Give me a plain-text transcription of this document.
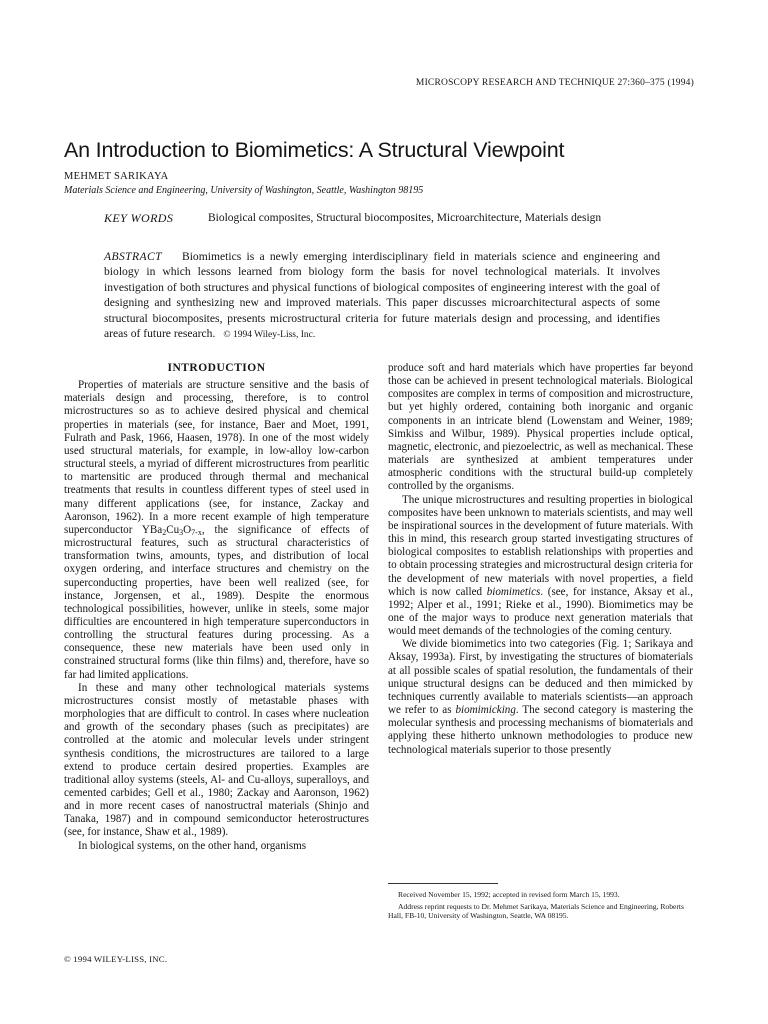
MICROSCOPY RESEARCH AND TECHNIQUE 27:360–375 (1994)
An Introduction to Biomimetics: A Structural Viewpoint
MEHMET SARIKAYA
Materials Science and Engineering, University of Washington, Seattle, Washington 98195
KEY WORDS	Biological composites, Structural biocomposites, Microarchitecture, Materials design

ABSTRACT Biomimetics is a newly emerging interdisciplinary field in materials science and engineering and biology in which lessons learned from biology form the basis for novel technological materials. It involves investigation of both structures and physical functions of biological composites of engineering interest with the goal of designing and synthesizing new and improved materials. This paper discusses microarchitectural aspects of some structural biocomposites, presents microstructural criteria for future materials design and processing, and identifies areas of future research. © 1994 Wiley-Liss, Inc.

INTRODUCTION

Properties of materials are structure sensitive and the basis of materials design and processing, therefore, is to control microstructures so as to achieve desired physical and chemical properties in materials (see, for instance, Baer and Moet, 1991, Fulrath and Pask, 1966, Haasen, 1978). In one of the most widely used structural materials, for example, in low-alloy low-carbon structural steels, a myriad of different microstructures from pearlitic to martensitic are produced through thermal and mechanical treatments that results in countless different types of steel used in many different applications (see, for instance, Zackay and Aaronson, 1962). In a more recent example of high temperature superconductor $YBa_2Cu_3O_{7-x}$, the significance of effects of microstructural features, such as structural characteristics of transformation twins, amounts, types, and distribution of local oxygen ordering, and interface structures and chemistry on the superconducting properties, have been well realized (see, for instance, Jorgensen, et al., 1989). Despite the enormous technological possibilities, however, unlike in steels, some major difficulties are encountered in high temperature superconductors in controlling the structural features during processing. As a consequence, these new materials have been used only in constrained structural forms (like thin films) and, therefore, have so far had limited applications.

In these and many other technological materials systems microstructures consist mostly of metastable phases with morphologies that are difficult to control. In cases where nucleation and growth of the secondary phases (such as precipitates) are controlled at the atomic and molecular levels under stringent synthesis conditions, the microstructures are tailored to a large extend to produce certain desired properties. Examples are traditional alloy systems (steels, Al- and Cu-alloys, superalloys, and cemented carbides; Gell et al., 1980; Zackay and Aaronson, 1962) and in more recent cases of nanostructral materials (Shinjo and Tanaka, 1987) and in compound semiconductor heterostructures (see, for instance, Shaw et al., 1989).

In biological systems, on the other hand, organisms

produce soft and hard materials which have properties far beyond those can be achieved in present technological materials. Biological composites are complex in terms of composition and microstructure, but yet highly ordered, containing both inorganic and organic components in an intricate blend (Lowenstam and Weiner, 1989; Simkiss and Wilbur, 1989). Physical properties include optical, magnetic, electronic, and piezoelectric, as well as mechanical. These materials are synthesized at ambient temperatures under atmospheric conditions with the structural build-up completely controlled by the organisms.

The unique microstructures and resulting properties in biological composites have been unknown to materials scientists, and may well be inspirational sources in the development of future materials. With this in mind, this research group started investigating structures of biological composites to establish relationships with properties and to obtain processing strategies and microstructural design criteria for the development of new materials with novel properties, a field which is now called biomimetics. (see, for instance, Aksay et al., 1992; Alper et al., 1991; Rieke et al., 1990). Biomimetics may be one of the major ways to produce next generation materials that would meet demands of the technologies of the coming century.

We divide biomimetics into two categories (Fig. 1; Sarikaya and Aksay, 1993a). First, by investigating the structures of biomaterials at all possible scales of spatial resolution, the fundamentals of their unique structural designs can be deduced and then mimicked by techniques currently available to materials scientists—an approach we refer to as biomimicking. The second category is mastering the molecular synthesis and processing mechanisms of biomaterials and applying these hitherto unknown methodologies to produce new technological materials superior to those presently

Received November 15, 1992; accepted in revised form March 15, 1993.

Address reprint requests to Dr. Mehmet Sarikaya, Materials Science and Engineering, Roberts Hall, FB-10, University of Washington, Seattle, WA 08195.

© 1994 WILEY-LISS, INC.
